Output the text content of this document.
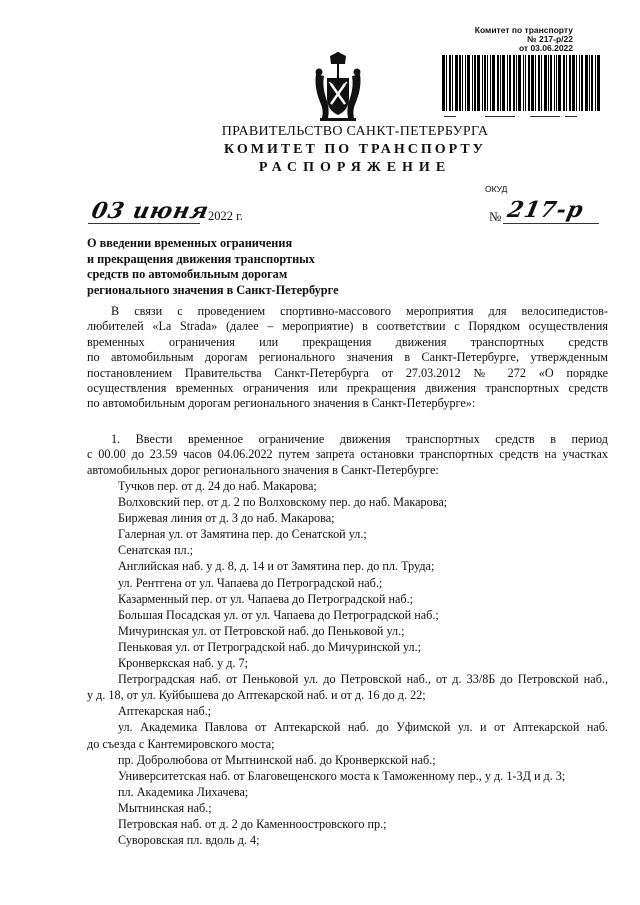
Комитет по транспорту
№ 217-р/22
от 03.06.2022
ПРАВИТЕЛЬСТВО САНКТ-ПЕТЕРБУРГА
КОМИТЕТ ПО ТРАНСПОРТУ
РАСПОРЯЖЕНИЕ
ОКУД
03 июня
2022 г.	№ 217-р
О введении временных ограничения
и прекращения движения транспортных
средств по автомобильным дорогам
регионального значения в Санкт-Петербурге
В связи с проведением спортивно-массового мероприятия для велосипедистов-
любителей «La Strada» (далее – мероприятие) в соответствии с Порядком осуществления
временных ограничения или прекращения движения транспортных средств
по автомобильным дорогам регионального значения в Санкт-Петербурге, утвержденным
постановлением Правительства Санкт-Петербурга от 27.03.2012 № 272 «О порядке
осуществления временных ограничения или прекращения движения транспортных средств
по автомобильным дорогам регионального значения в Санкт-Петербурге»:
1. Ввести временное ограничение движения транспортных средств в период
с 00.00 до 23.59 часов 04.06.2022 путем запрета остановки транспортных средств на участках
автомобильных дорог регионального значения в Санкт-Петербурге:
Тучков пер. от д. 24 до наб. Макарова;
Волховский пер. от д. 2 по Волховскому пер. до наб. Макарова;
Биржевая линия от д. 3 до наб. Макарова;
Галерная ул. от Замятина пер. до Сенатской ул.;
Сенатская пл.;
Английская наб. у д. 8, д. 14 и от Замятина пер. до пл. Труда;
ул. Рентгена от ул. Чапаева до Петроградской наб.;
Казарменный пер. от ул. Чапаева до Петроградской наб.;
Большая Посадская ул. от ул. Чапаева до Петроградской наб.;
Мичуринская ул. от Петровской наб. до Пеньковой ул.;
Пеньковая ул. от Петроградской наб. до Мичуринской ул.;
Кронверкская наб. у д. 7;
Петроградская наб. от Пеньковой ул. до Петровской наб., от д. 33/8Б до Петровской наб.,
у д. 18, от ул. Куйбышева до Аптекарской наб. и от д. 16 до д. 22;
Аптекарская наб.;
ул. Академика Павлова от Аптекарской наб. до Уфимской ул. и от Аптекарской наб.
до съезда с Кантемировского моста;
пр. Добролюбова от Мытнинской наб. до Кронверкской наб.;
Университетская наб. от Благовещенского моста к Таможенному пер., у д. 1-3Д и д. 3;
пл. Академика Лихачева;
Мытнинская наб.;
Петровская наб. от д. 2 до Каменноостровского пр.;
Суворовская пл. вдоль д. 4;
